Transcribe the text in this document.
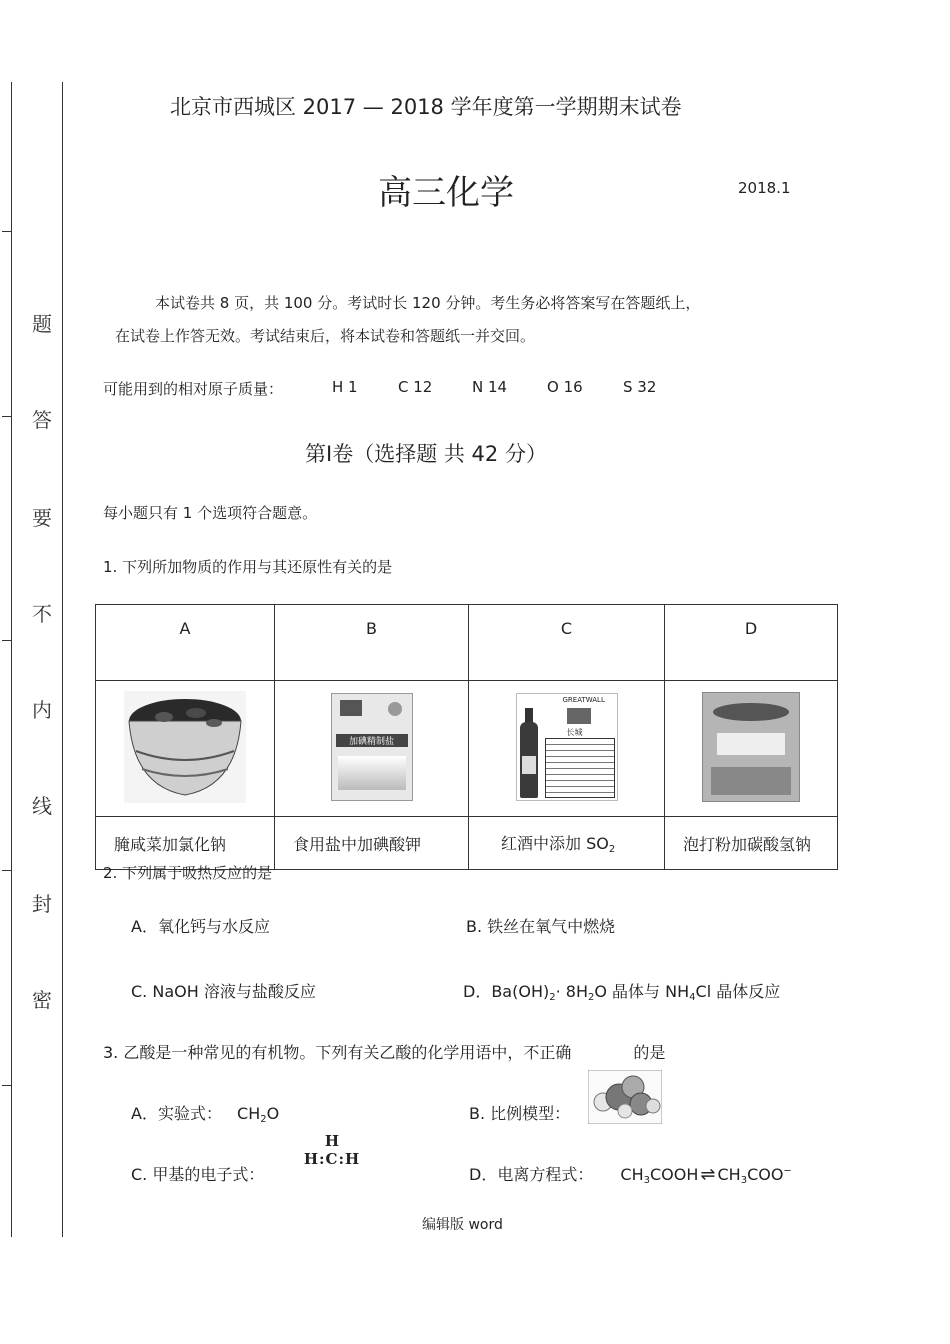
题
答
要
不
内
线
封
密
北京市西城区 2017 — 2018 学年度第一学期期末试卷
高三化学	2018.1
本试卷共 8 页，共 100 分。考试时长 120 分钟。考生务必将答案写在答题纸上，
在试卷上作答无效。考试结束后，将本试卷和答题纸一并交回。
可能用到的相对原子质量：	H 1	C 12	N 14	O 16	S 32
第Ⅰ卷（选择题 共 42 分）
每小题只有 1 个选项符合题意。
1. 下列所加物质的作用与其还原性有关的是
A	B	C	D

加碘精制盐	GREATWALL
长城	

腌咸菜加氯化钠	食用盐中加碘酸钾	红酒中添加 $SO_2$	泡打粉加碳酸氢钠
2. 下列属于吸热反应的是
A．氧化钙与水反应	B. 铁丝在氧气中燃烧
C. NaOH 溶液与盐酸反应	D．$Ba(OH)_2\cdot 8H_2O$ 晶体与 $NH_4Cl$ 晶体反应
3. 乙酸是一种常见的有机物。下列有关乙酸的化学用语中，不正确	的是
A．实验式： $CH_2O$	B. 比例模型：
C. 甲基的电子式：
H
H:C:H
D．电离方程式： $CH_3COOH$ ⇌ $CH_3COO^-$
编辑版 word
